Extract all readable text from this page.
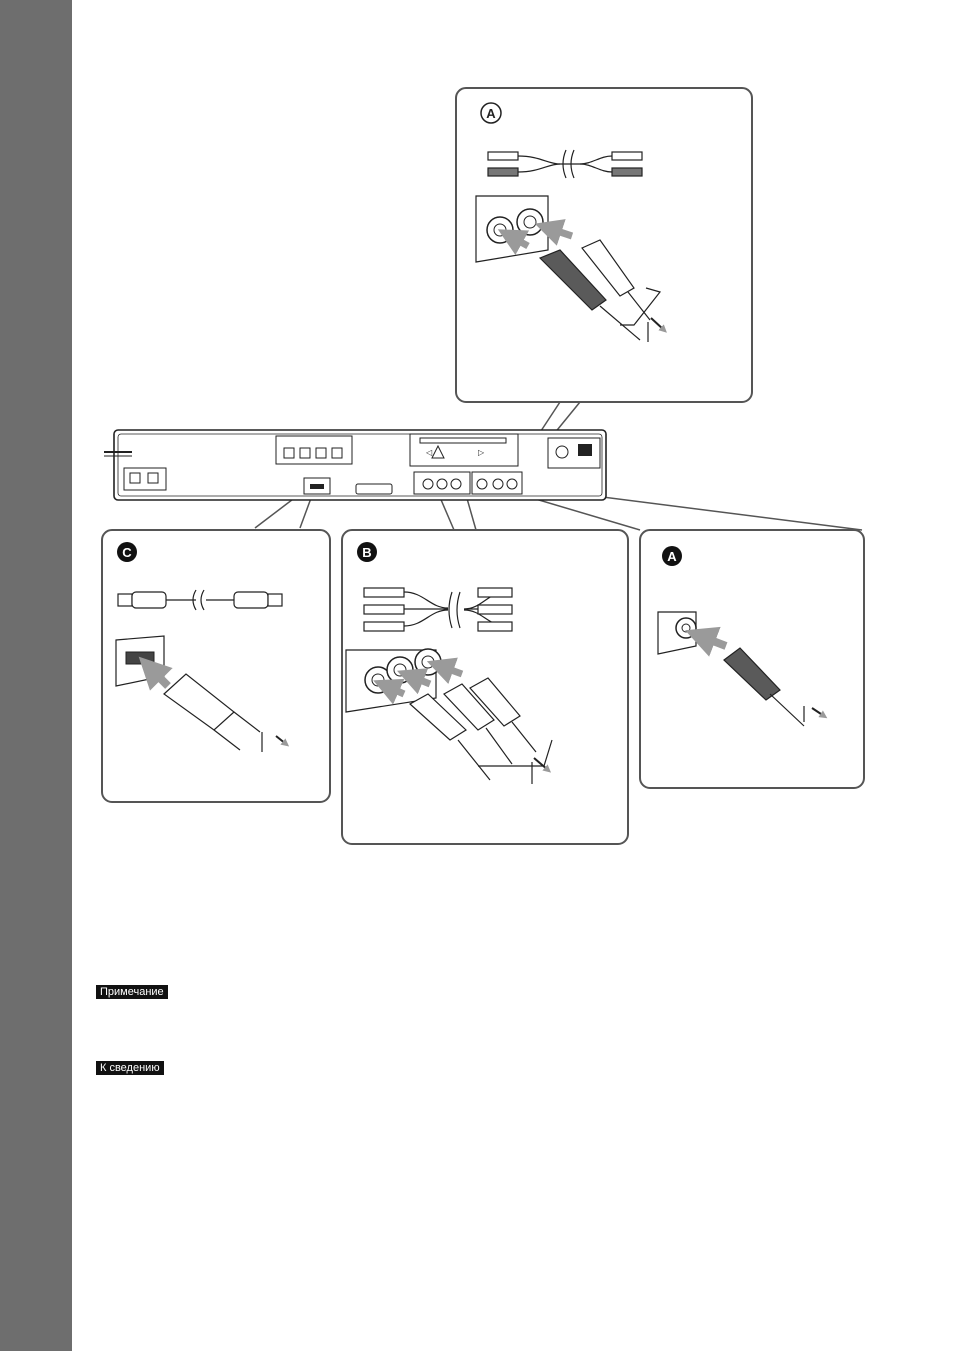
A
◁	▷
C	B	A
Примечание
К сведению
